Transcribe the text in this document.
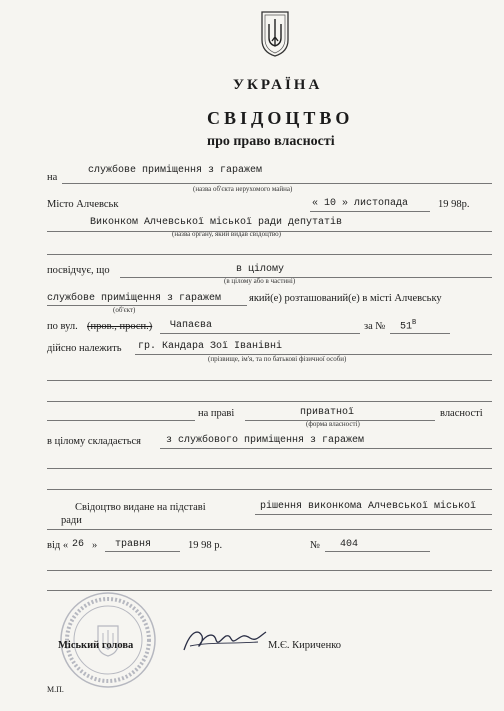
УКРАЇНА
СВІДОЦТВО
про право власності
на
службове приміщення з гаражем
(назва об'єкта нерухомого майна)
Місто Алчевськ	« 10 » листопада	19 98р.
Виконком Алчевської міської ради депутатів
(назва органу, який видав свідоцтво)
посвідчує, що	в цілому
(в цілому або в частині)
службове приміщення з гаражем	який(е) розташований(е) в місті Алчевську
(об'єкт)
по вул. (пров., просп.) Чапаєва	за № $51^В$
дійсно належить гр. Кандара Зої Іванівні
(прізвище, ім'я, та по батькові фізичної особи)
на праві	приватної
(форма власності)
власності
в цілому складається	з службового приміщення з гаражем
Свідоцтво видане на підставі	рішення виконкома Алчевської міської
ради
від « 26 » травня	19 98 р.	№ 404
Міський голова	М.Є. Кириченко
М.П.
